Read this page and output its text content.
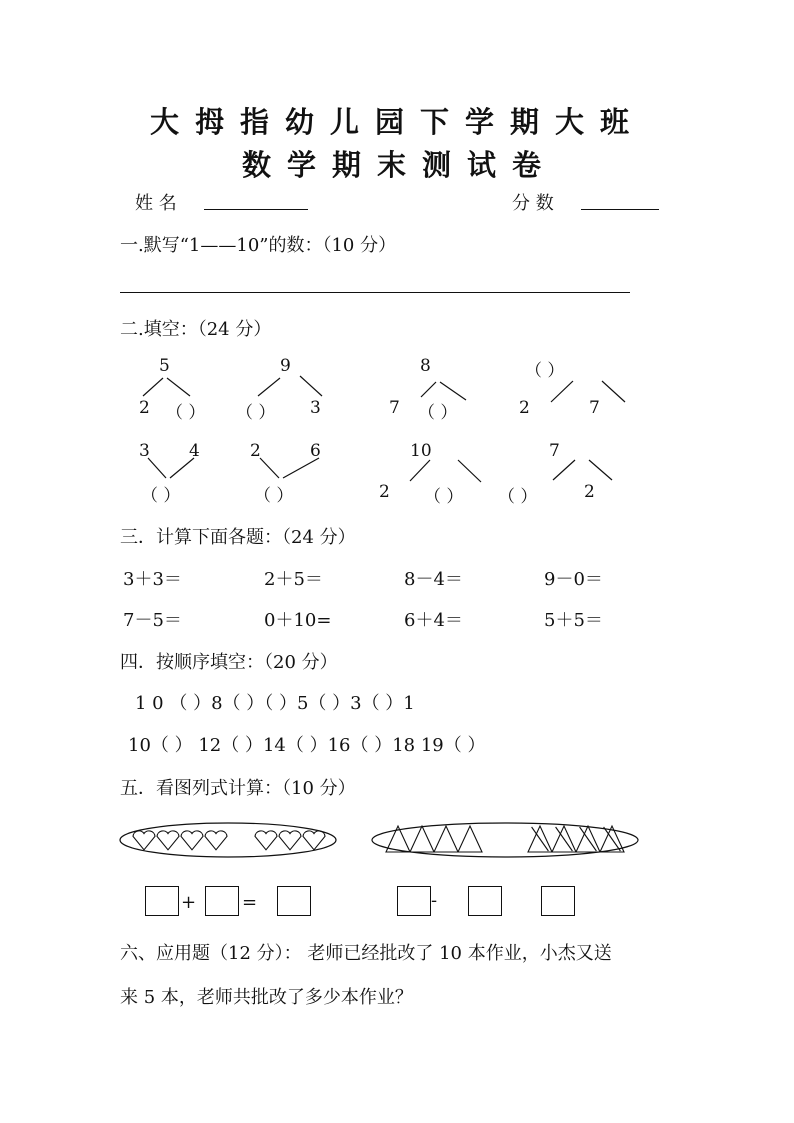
大拇指幼儿园下学期大班
数学期末测试卷
姓 名	分 数
一.默写“1——10”的数：（10 分）
二.填空：（24 分）
5
2 （ ）
9
（ ） 3
8
7 （ ）
（ ）
2	7
3 4
（ ）
2	6
（ ）
10
2 （ ）
7
（ ）	2
三．计算下面各题：（24 分）
3＋3＝	2＋5＝	8－4＝	9－0＝
7－5＝	0＋10=	6＋4＝	5＋5＝
四．按顺序填空：（20 分）
1 0 （ ）8（ ）（ ）5（ ）3（ ）1
10（ ） 12（ ）14（ ）16（ ）18 19（ ）
五．看图列式计算：（10 分）
+	=	-
六、应用题（12 分）： 老师已经批改了 10 本作业，小杰又送
来 5 本，老师共批改了多少本作业？
